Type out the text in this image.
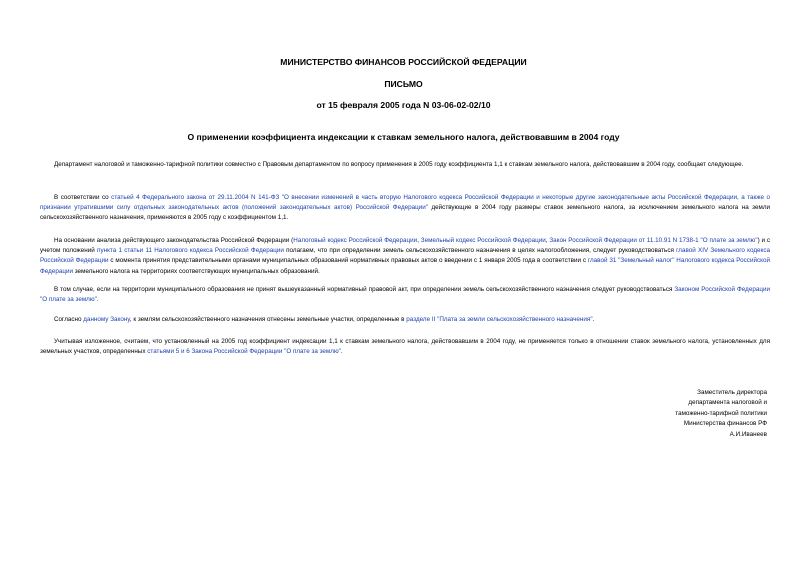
МИНИСТЕРСТВО ФИНАНСОВ РОССИЙСКОЙ ФЕДЕРАЦИИ
ПИСЬМО
от 15 февраля 2005 года N 03-06-02-02/10
О применении коэффициента индексации к ставкам земельного налога, действовавшим в 2004 году
Департамент налоговой и таможенно-тарифной политики совместно с Правовым департаментом по вопросу применения в 2005 году коэффициента 1,1 к ставкам земельного налога, действовавшим в 2004 году, сообщает следующее.
В соответствии со статьей 4 Федерального закона от 29.11.2004 N 141-ФЗ "О внесении изменений в часть вторую Налогового кодекса Российской Федерации и некоторые другие законодательные акты Российской Федерации, а также о признании утратившими силу отдельных законодательных актов (положений законодательных актов) Российской Федерации" действующие в 2004 году размеры ставок земельного налога, за исключением земельного налога на земли сельскохозяйственного назначения, применяются в 2005 году с коэффициентом 1,1.
На основании анализа действующего законодательства Российской Федерации (Налоговый кодекс Российской Федерации, Земельный кодекс Российской Федерации, Закон Российской Федерации от 11.10.91 N 1738-1 "О плате за землю") и с учетом положений пункта 1 статьи 11 Налогового кодекса Российской Федерации полагаем, что при определении земель сельскохозяйственного назначения в целях налогообложения, следует руководствоваться главой XIV Земельного кодекса Российской Федерации с момента принятия представительными органами муниципальных образований нормативных правовых актов о введении с 1 января 2005 года в соответствии с главой 31 "Земельный налог" Налогового кодекса Российской Федерации земельного налога на территориях соответствующих муниципальных образований.
В том случае, если на территории муниципального образования не принят вышеуказанный нормативный правовой акт, при определении земель сельскохозяйственного назначения следует руководствоваться Законом Российской Федерации "О плате за землю".
Согласно данному Закону, к землям сельскохозяйственного назначения отнесены земельные участки, определенные в разделе II "Плата за земли сельскохозяйственного назначения".
Учитывая изложенное, считаем, что установленный на 2005 год коэффициент индексации 1,1 к ставкам земельного налога, действовавшим в 2004 году, не применяется только в отношении ставок земельного налога, установленных для земельных участков, определенных статьями 5 и 6 Закона Российской Федерации "О плате за землю".
Заместитель директора
департамента налоговой и
таможенно-тарифной политики
Министерства финансов РФ
А.И.Иванеев
